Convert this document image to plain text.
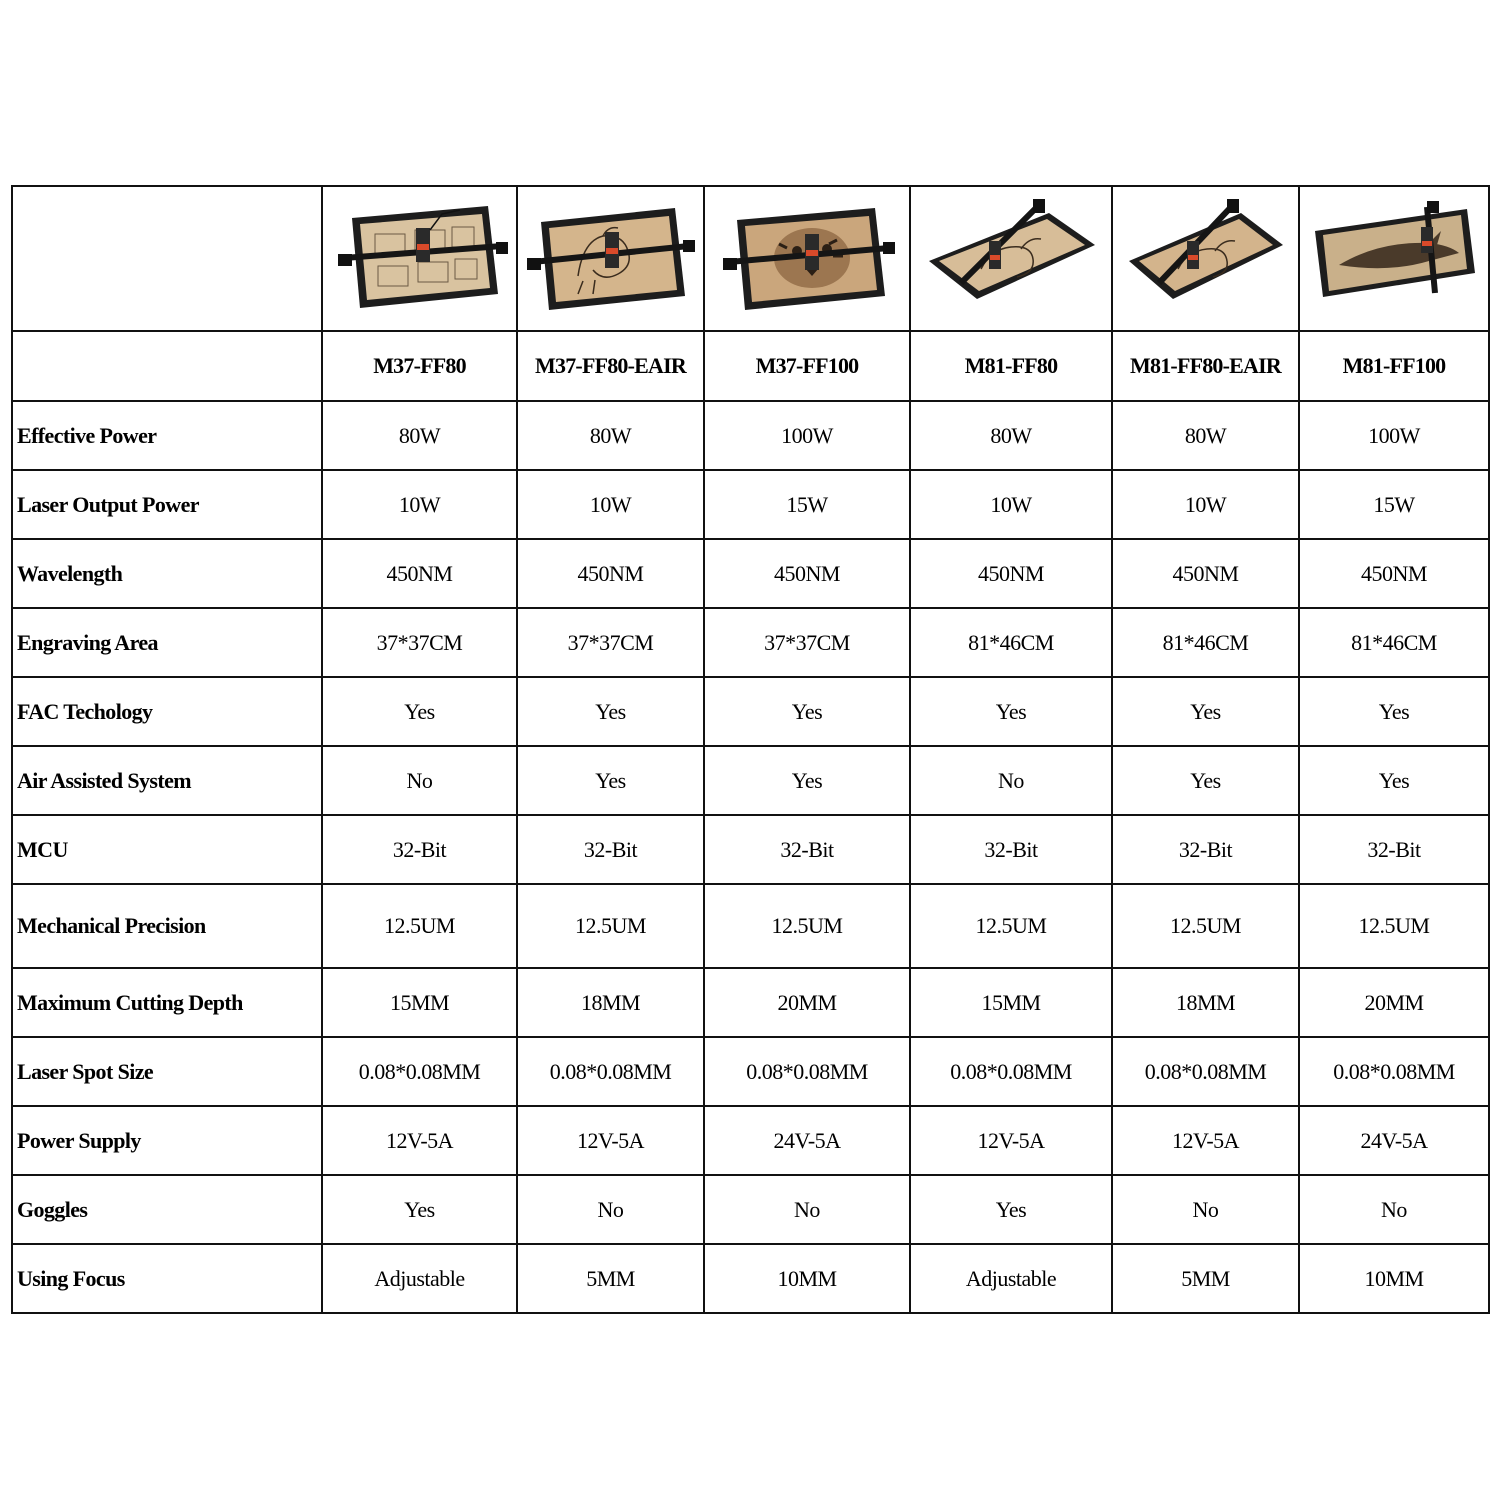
	M37-FF80	M37-FF80-EAIR	M37-FF100	M81-FF80	M81-FF80-EAIR	M81-FF100
Effective Power	80W	80W	100W	80W	80W	100W
Laser Output Power	10W	10W	15W	10W	10W	15W
Wavelength	450NM	450NM	450NM	450NM	450NM	450NM
Engraving Area	37*37CM	37*37CM	37*37CM	81*46CM	81*46CM	81*46CM
FAC Techology	Yes	Yes	Yes	Yes	Yes	Yes
Air Assisted System	No	Yes	Yes	No	Yes	Yes
MCU	32-Bit	32-Bit	32-Bit	32-Bit	32-Bit	32-Bit
Mechanical Precision	12.5UM	12.5UM	12.5UM	12.5UM	12.5UM	12.5UM
Maximum Cutting Depth	15MM	18MM	20MM	15MM	18MM	20MM
Laser Spot Size	0.08*0.08MM	0.08*0.08MM	0.08*0.08MM	0.08*0.08MM	0.08*0.08MM	0.08*0.08MM
Power Supply	12V-5A	12V-5A	24V-5A	12V-5A	12V-5A	24V-5A
Goggles	Yes	No	No	Yes	No	No
Using Focus	Adjustable	5MM	10MM	Adjustable	5MM	10MM
